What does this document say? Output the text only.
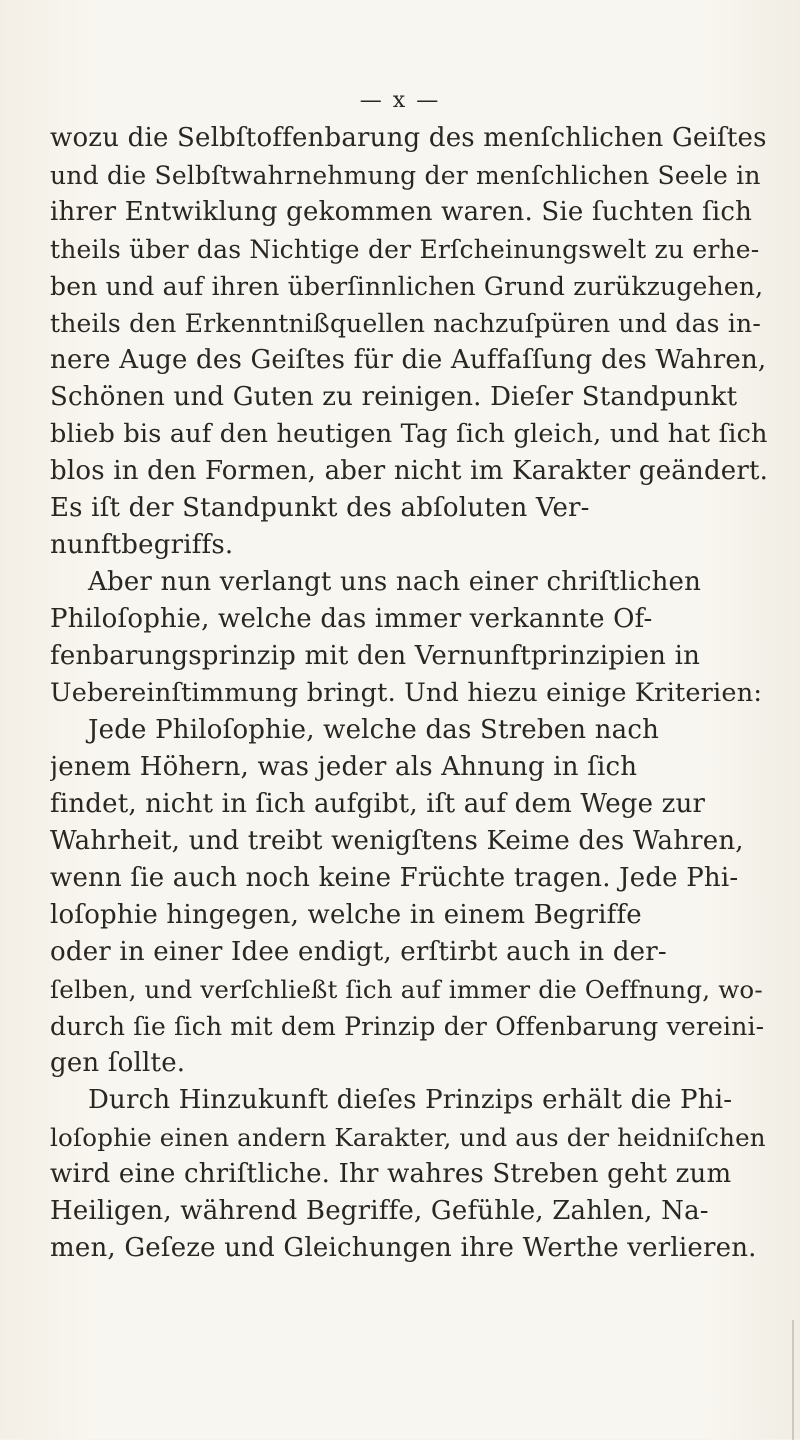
— x —
wozu die Selbſtoffenbarung des menſchlichen Geiſtes
und die Selbſtwahrnehmung der menſchlichen Seele in
ihrer Entwiklung gekommen waren. Sie ſuchten ſich
theils über das Nichtige der Erſcheinungswelt zu erhe-
ben und auf ihren überſinnlichen Grund zurükzugehen,
theils den Erkenntnißquellen nachzuſpüren und das in-
nere Auge des Geiſtes für die Auffaſſung des Wahren,
Schönen und Guten zu reinigen. Dieſer Standpunkt
blieb bis auf den heutigen Tag ſich gleich, und hat ſich
blos in den Formen, aber nicht im Karakter geändert.
Es iſt der Standpunkt des abſoluten Ver-
nunftbegriffs.
Aber nun verlangt uns nach einer chriſtlichen
Philoſophie, welche das immer verkannte Of-
fenbarungsprinzip mit den Vernunftprinzipien in
Uebereinſtimmung bringt. Und hiezu einige Kriterien:
Jede Philoſophie, welche das Streben nach
jenem Höhern, was jeder als Ahnung in ſich
findet, nicht in ſich aufgibt, iſt auf dem Wege zur
Wahrheit, und treibt wenigſtens Keime des Wahren,
wenn ſie auch noch keine Früchte tragen. Jede Phi-
loſophie hingegen, welche in einem Begriffe
oder in einer Idee endigt, erſtirbt auch in der-
ſelben, und verſchließt ſich auf immer die Oeffnung, wo-
durch ſie ſich mit dem Prinzip der Offenbarung vereini-
gen ſollte.
Durch Hinzukunft dieſes Prinzips erhält die Phi-
loſophie einen andern Karakter, und aus der heidniſchen
wird eine chriſtliche. Ihr wahres Streben geht zum
Heiligen, während Begriffe, Gefühle, Zahlen, Na-
men, Geſeze und Gleichungen ihre Werthe verlieren.
